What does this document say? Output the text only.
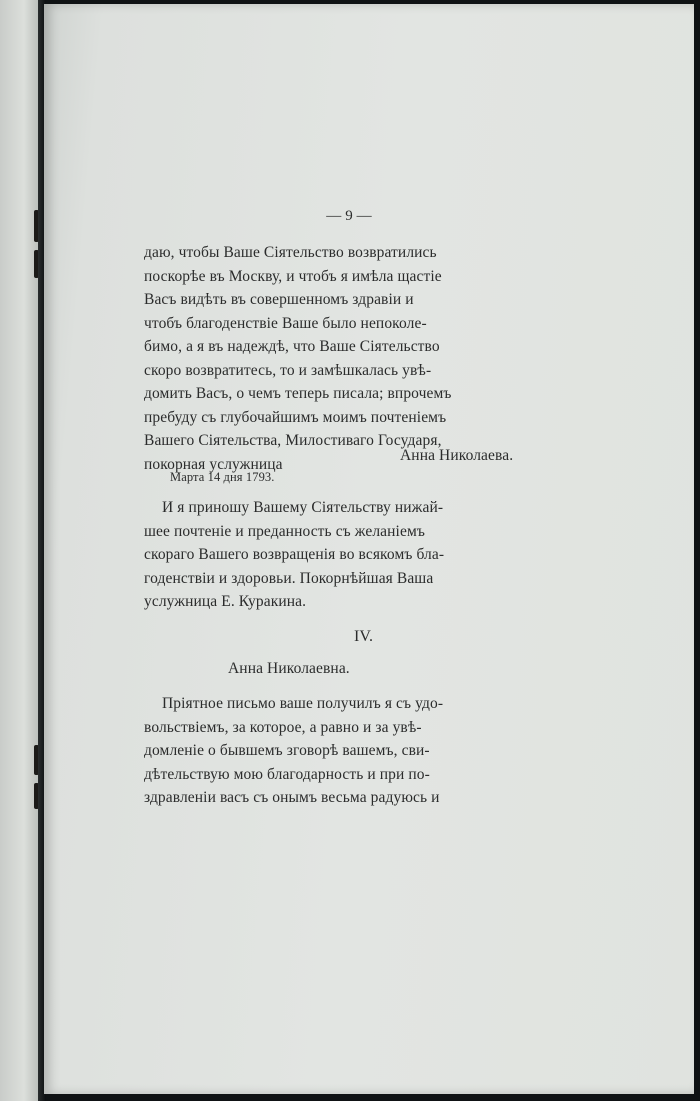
— 9 —
даю, чтобы Ваше Сіятельство возвратились
поскорѣе въ Москву, и чтобъ я имѣла щастіе
Васъ видѣть въ совершенномъ здравіи и
чтобъ благоденствіе Ваше было непоколе-
бимо, а я въ надеждѣ, что Ваше Сіятельство
скоро возвратитесь, то и замѣшкалась увѣ-
домить Васъ, о чемъ теперь писала; впрочемъ
пребуду съ глубочайшимъ моимъ почтеніемъ
Вашего Сіятельства, Милостиваго Государя,
покорная услужница	Анна Николаева.
Марта 14 дня 1793.
И я приношу Вашему Сіятельству нижай-
шее почтеніе и преданность съ желаніемъ
скораго Вашего возвращенія во всякомъ бла-
годенствіи и здоровьи. Покорнѣйшая Ваша
услужница Е. Куракина.
IV.
Анна Николаевна.
Пріятное письмо ваше получилъ я съ удо-
вольствіемъ, за которое, а равно и за увѣ-
домленіе о бывшемъ зговорѣ вашемъ, сви-
дѣтельствую мою благодарность и при по-
здравленіи васъ съ онымъ весьма радуюсь и
